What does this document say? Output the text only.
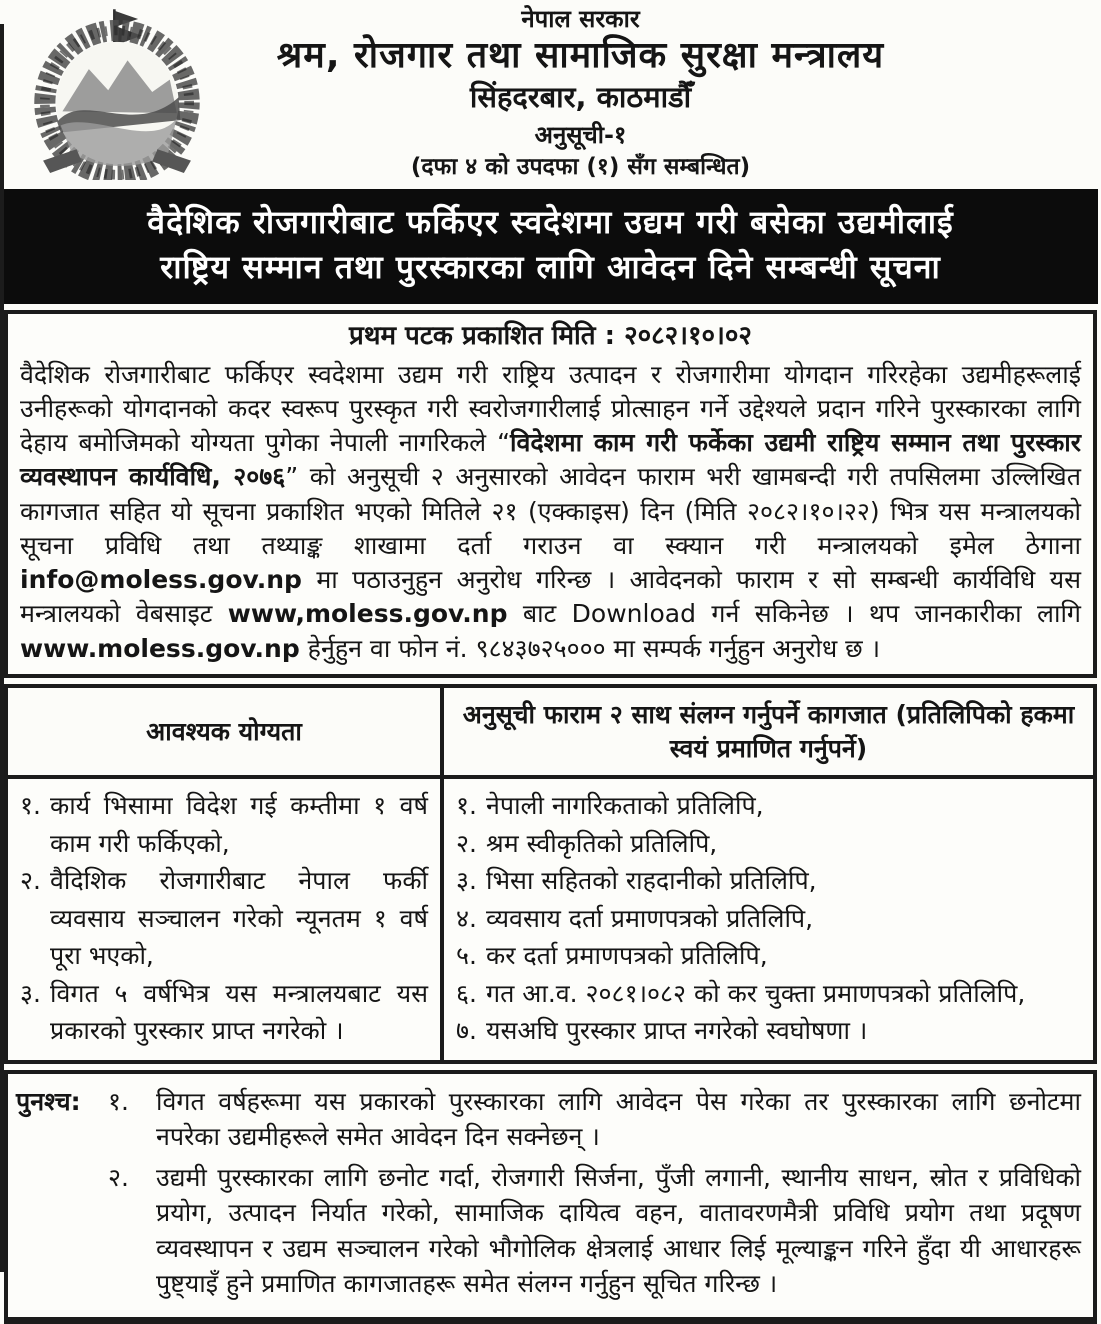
नेपाल सरकार
श्रम, रोजगार तथा सामाजिक सुरक्षा मन्त्रालय
सिंहदरबार, काठमाडौँ
अनुसूची-१
(दफा ४ को उपदफा (१) सँग सम्बन्धित)
वैदेशिक रोजगारीबाट फर्किएर स्वदेशमा उद्यम गरी बसेका उद्यमीलाई
राष्ट्रिय सम्मान तथा पुरस्कारका लागि आवेदन दिने सम्बन्धी सूचना
प्रथम पटक प्रकाशित मिति : २०८२।१०।०२

वैदेशिक रोजगारीबाट फर्किएर स्वदेशमा उद्यम गरी राष्ट्रिय उत्पादन र रोजगारीमा योगदान गरिरहेका उद्यमीहरूलाई उनीहरूको योगदानको कदर स्वरूप पुरस्कृत गरी स्वरोजगारीलाई प्रोत्साहन गर्ने उद्देश्यले प्रदान गरिने पुरस्कारका लागि देहाय बमोजिमको योग्यता पुगेका नेपाली नागरिकले “विदेशमा काम गरी फर्केका उद्यमी राष्ट्रिय सम्मान तथा पुरस्कार व्यवस्थापन कार्यविधि, २०७६” को अनुसूची २ अनुसारको आवेदन फाराम भरी खामबन्दी गरी तपसिलमा उल्लिखित कागजात सहित यो सूचना प्रकाशित भएको मितिले २१ (एक्काइस) दिन (मिति २०८२।१०।२२) भित्र यस मन्त्रालयको सूचना प्रविधि तथा तथ्याङ्क शाखामा दर्ता गराउन वा स्क्यान गरी मन्त्रालयको इमेल ठेगाना info@moless.gov.np मा पठाउनुहुन अनुरोध गरिन्छ । आवेदनको फाराम र सो सम्बन्धी कार्यविधि यस मन्त्रालयको वेबसाइट www,moless.gov.np बाट Download गर्न सकिनेछ । थप जानकारीका लागि www.moless.gov.np हेर्नुहुन वा फोन नं. ९८४३७२५००० मा सम्पर्क गर्नुहुन अनुरोध छ ।

आवश्यक योग्यता	अनुसूची फाराम २ साथ संलग्न गर्नुपर्ने कागजात (प्रतिलिपिको हकमा स्वयं प्रमाणित गर्नुपर्ने)

१. कार्य भिसामा विदेश गई कम्तीमा १ वर्ष काम गरी फर्किएको,
२. वैदिशिक रोजगारीबाट नेपाल फर्की व्यवसाय सञ्चालन गरेको न्यूनतम १ वर्ष पूरा भएको,
३. विगत ५ वर्षभित्र यस मन्त्रालयबाट यस प्रकारको पुरस्कार प्राप्त नगरेको ।

१. नेपाली नागरिकताको प्रतिलिपि,
२. श्रम स्वीकृतिको प्रतिलिपि,
३. भिसा सहितको राहदानीको प्रतिलिपि,
४. व्यवसाय दर्ता प्रमाणपत्रको प्रतिलिपि,
५. कर दर्ता प्रमाणपत्रको प्रतिलिपि,
६. गत आ.व. २०८१।०८२ को कर चुक्ता प्रमाणपत्रको प्रतिलिपि,
७. यसअघि पुरस्कार प्राप्त नगरेको स्वघोषणा ।
पुनश्च:	१.	विगत वर्षहरूमा यस प्रकारको पुरस्कारका लागि आवेदन पेस गरेका तर पुरस्कारका लागि छनोटमा नपरेका उद्यमीहरूले समेत आवेदन दिन सक्नेछन् ।
२.	उद्यमी पुरस्कारका लागि छनोट गर्दा, रोजगारी सिर्जना, पुँजी लगानी, स्थानीय साधन, स्रोत र प्रविधिको प्रयोग, उत्पादन निर्यात गरेको, सामाजिक दायित्व वहन, वातावरणमैत्री प्रविधि प्रयोग तथा प्रदूषण व्यवस्थापन र उद्यम सञ्चालन गरेको भौगोलिक क्षेत्रलाई आधार लिई मूल्याङ्कन गरिने हुँदा यी आधारहरू पुष्ट्याइँ हुने प्रमाणित कागजातहरू समेत संलग्न गर्नुहुन सूचित गरिन्छ ।
